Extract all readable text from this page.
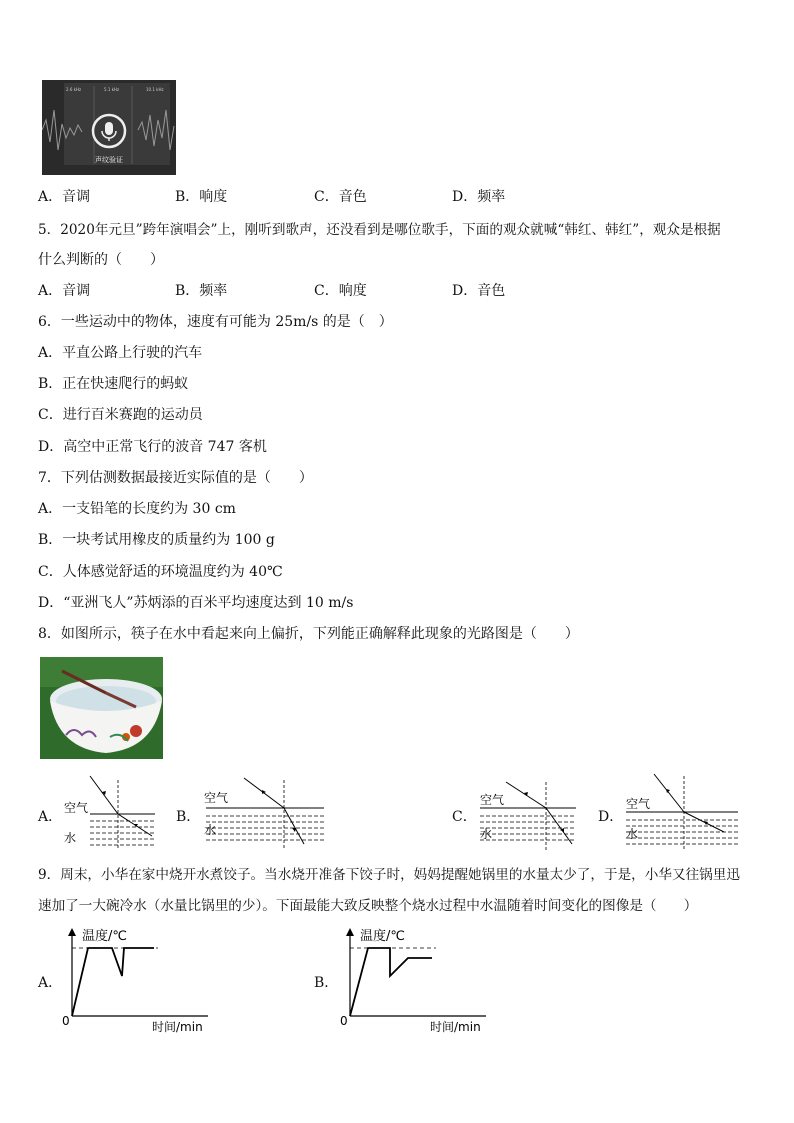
2.6 kHz	5.1 kHz	10.1 kHz
声纹验证
A．音调	B．响度	C．音色	D．频率
5．2020年元旦”跨年演唱会”上，刚听到歌声，还没看到是哪位歌手，下面的观众就喊“韩红、韩红”，观众是根据
什么判断的（　　）
A．音调	B．频率	C．响度	D．音色
6．一些运动中的物体，速度有可能为 25m/s 的是（　）
A．平直公路上行驶的汽车
B．正在快速爬行的蚂蚁
C．进行百米赛跑的运动员
D．高空中正常飞行的波音 747 客机
7．下列估测数据最接近实际值的是（　　）
A．一支铅笔的长度约为 30 cm
B．一块考试用橡皮的质量约为 100 g
C．人体感觉舒适的环境温度约为 40℃
D．“亚洲飞人”苏炳添的百米平均速度达到 10 m/s
8．如图所示，筷子在水中看起来向上偏折，下列能正确解释此现象的光路图是（　　）
A．
空气
水
B．
空气
水
C．
空气
水
D．
空气
水
9．周末，小华在家中烧开水煮饺子。当水烧开准备下饺子时，妈妈提醒她锅里的水量太少了，于是，小华又往锅里迅
速加了一大碗冷水（水量比锅里的少）。下面最能大致反映整个烧水过程中水温随着时间变化的图像是（　　）
A．
温度/℃
0	时间/min
B．
温度/℃
0	时间/min
